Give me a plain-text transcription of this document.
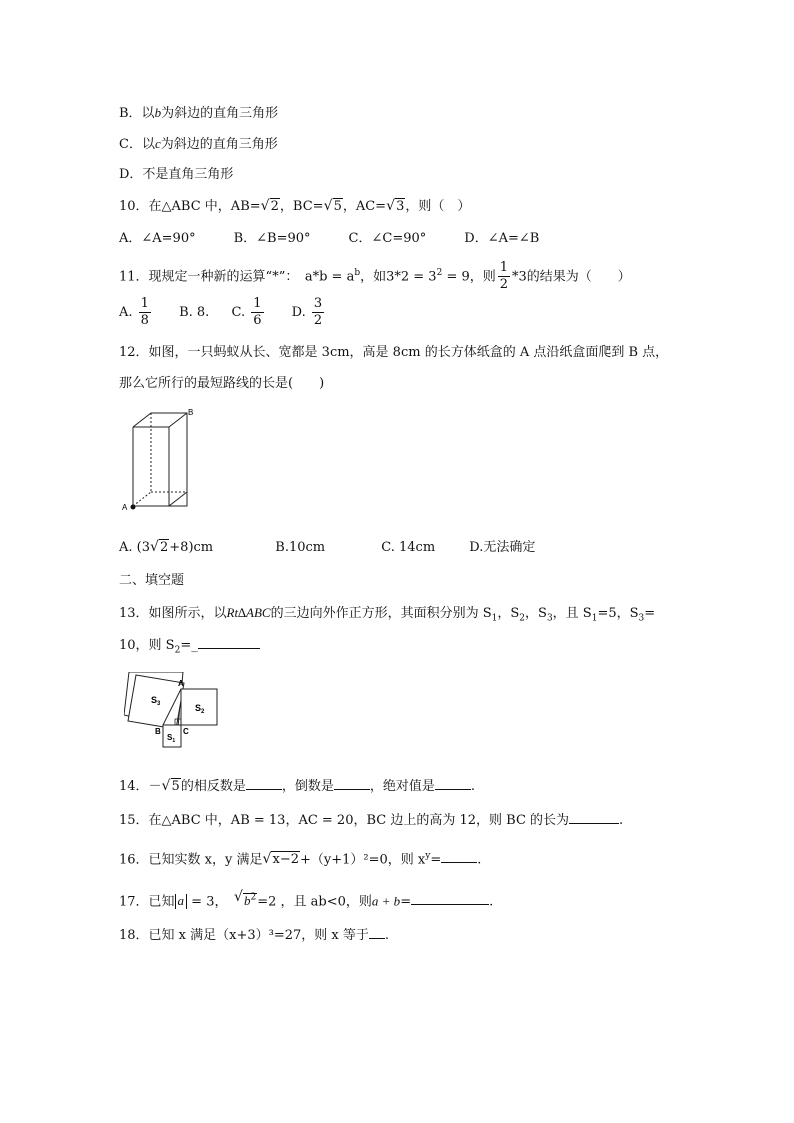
B．以b为斜边的直角三角形
C．以c为斜边的直角三角形
D．不是直角三角形
10．在△ABC 中，AB= √ 2，BC= √ 5，AC= √ 3，则（　）
A．∠A=90°	B．∠B=90°	C．∠C=90°	D．∠A=∠B
11．现规定一种新的运算“*”：　$a*b = a^b$，如$3*2 = 3^2 = 9$，则 $\frac{1}{2} *3$的结果为（　　）
A. $\frac{1}{8} B$. 8. C. $\frac{1}{6} D$. $\frac{3}{2}$
12．如图，一只蚂蚁从长、宽都是 3cm，高是 8cm 的长方体纸盒的 A 点沿纸盒面爬到 B 点，
那么它所行的最短路线的长是(　　)
A
B
A. (3 √ 2+8)cm	B.10cm	C. 14cm	D.无法确定
二、填空题
13．如图所示，以Rt∆ABC的三边向外作正方形，其面积分别为 $S_1$，$S_2$，$S_3$，且 $S_1=5$，$S_3=$
10，则 $S_2=\_$
A
B	C
$S_3$	$S_2$
$S_1$
14．－ √ 5的相反数是	，倒数是	，绝对值是	.
15．在△ABC 中，AB = 13，AC = 20，BC 边上的高为 12，则 BC 的长为	.
16．已知实数 x，y 满足 √ x−2+（y+1）²=0，则 $x^y=$	.
17．已知 a = 3，　 √ $b^2=2$ ，且 ab<0，则a + b=	.
18．已知 x 满足（x+3）³=27，则 x 等于 .
